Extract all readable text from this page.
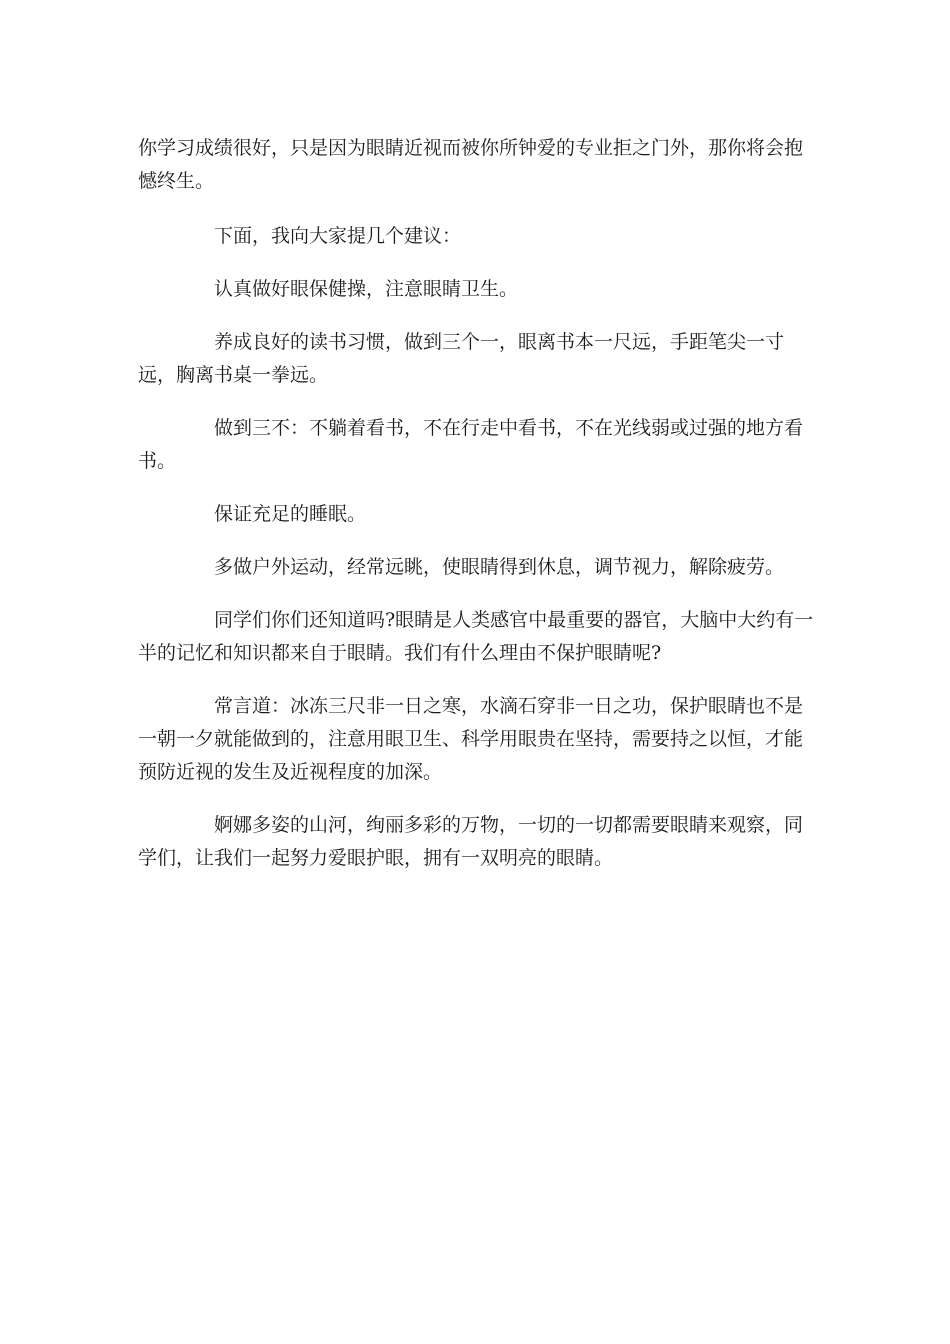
你学习成绩很好，只是因为眼睛近视而被你所钟爱的专业拒之门外，那你将会抱憾终生。

下面，我向大家提几个建议：

认真做好眼保健操，注意眼睛卫生。

养成良好的读书习惯，做到三个一，眼离书本一尺远，手距笔尖一寸远，胸离书桌一拳远。

做到三不：不躺着看书，不在行走中看书，不在光线弱或过强的地方看书。

保证充足的睡眠。

多做户外运动，经常远眺，使眼睛得到休息，调节视力，解除疲劳。

同学们你们还知道吗?眼睛是人类感官中最重要的器官，大脑中大约有一半的记忆和知识都来自于眼睛。我们有什么理由不保护眼睛呢?

常言道：冰冻三尺非一日之寒，水滴石穿非一日之功，保护眼睛也不是一朝一夕就能做到的，注意用眼卫生、科学用眼贵在坚持，需要持之以恒，才能预防近视的发生及近视程度的加深。

婀娜多姿的山河，绚丽多彩的万物，一切的一切都需要眼睛来观察，同学们，让我们一起努力爱眼护眼，拥有一双明亮的眼睛。
